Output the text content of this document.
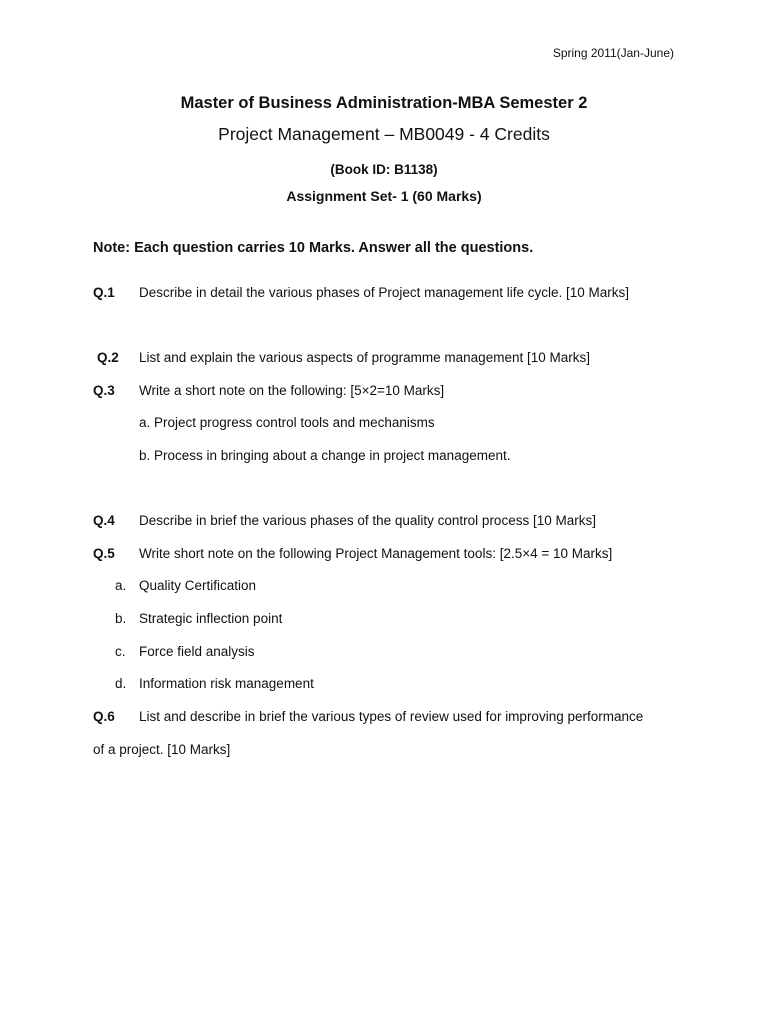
Spring 2011(Jan-June)
Master of Business Administration-MBA Semester 2
Project Management – MB0049 - 4 Credits
(Book ID: B1138)
Assignment Set- 1 (60 Marks)
Note: Each question carries 10 Marks. Answer all the questions.
Q.1 Describe in detail the various phases of Project management life cycle. [10 Marks]
Q.2 List and explain the various aspects of programme management [10 Marks]
Q.3 Write a short note on the following: [5×2=10 Marks]
a. Project progress control tools and mechanisms
b. Process in bringing about a change in project management.
Q.4 Describe in brief the various phases of the quality control process [10 Marks]
Q.5 Write short note on the following Project Management tools: [2.5×4 = 10 Marks]
a. Quality Certification
b. Strategic inflection point
c. Force field analysis
d. Information risk management
Q.6 List and describe in brief the various types of review used for improving performance
of a project. [10 Marks]
